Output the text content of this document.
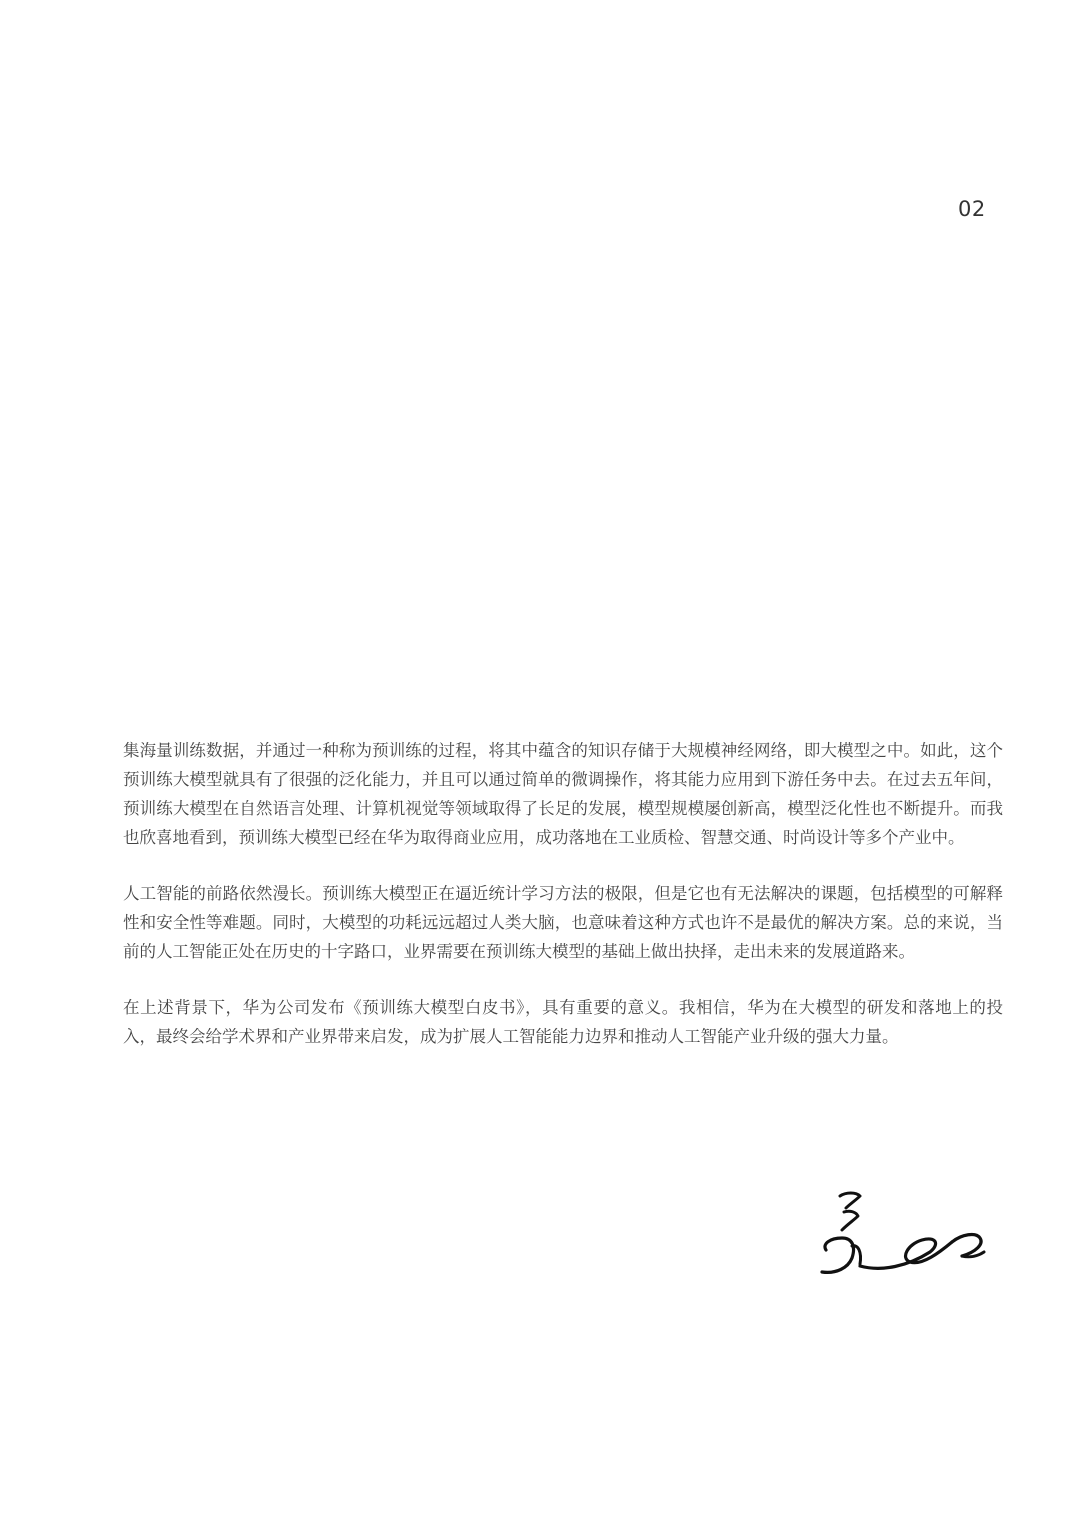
02

集海量训练数据，并通过一种称为预训练的过程，将其中蕴含的知识存储于大规模神经网络，即大模型之中。如此，这个预训练大模型就具有了很强的泛化能力，并且可以通过简单的微调操作，将其能力应用到下游任务中去。在过去五年间，预训练大模型在自然语言处理、计算机视觉等领域取得了长足的发展，模型规模屡创新高，模型泛化性也不断提升。而我也欣喜地看到，预训练大模型已经在华为取得商业应用，成功落地在工业质检、智慧交通、时尚设计等多个产业中。

人工智能的前路依然漫长。预训练大模型正在逼近统计学习方法的极限，但是它也有无法解决的课题，包括模型的可解释性和安全性等难题。同时，大模型的功耗远远超过人类大脑，也意味着这种方式也许不是最优的解决方案。总的来说，当前的人工智能正处在历史的十字路口，业界需要在预训练大模型的基础上做出抉择，走出未来的发展道路来。

在上述背景下，华为公司发布《预训练大模型白皮书》，具有重要的意义。我相信，华为在大模型的研发和落地上的投入，最终会给学术界和产业界带来启发，成为扩展人工智能能力边界和推动人工智能产业升级的强大力量。
